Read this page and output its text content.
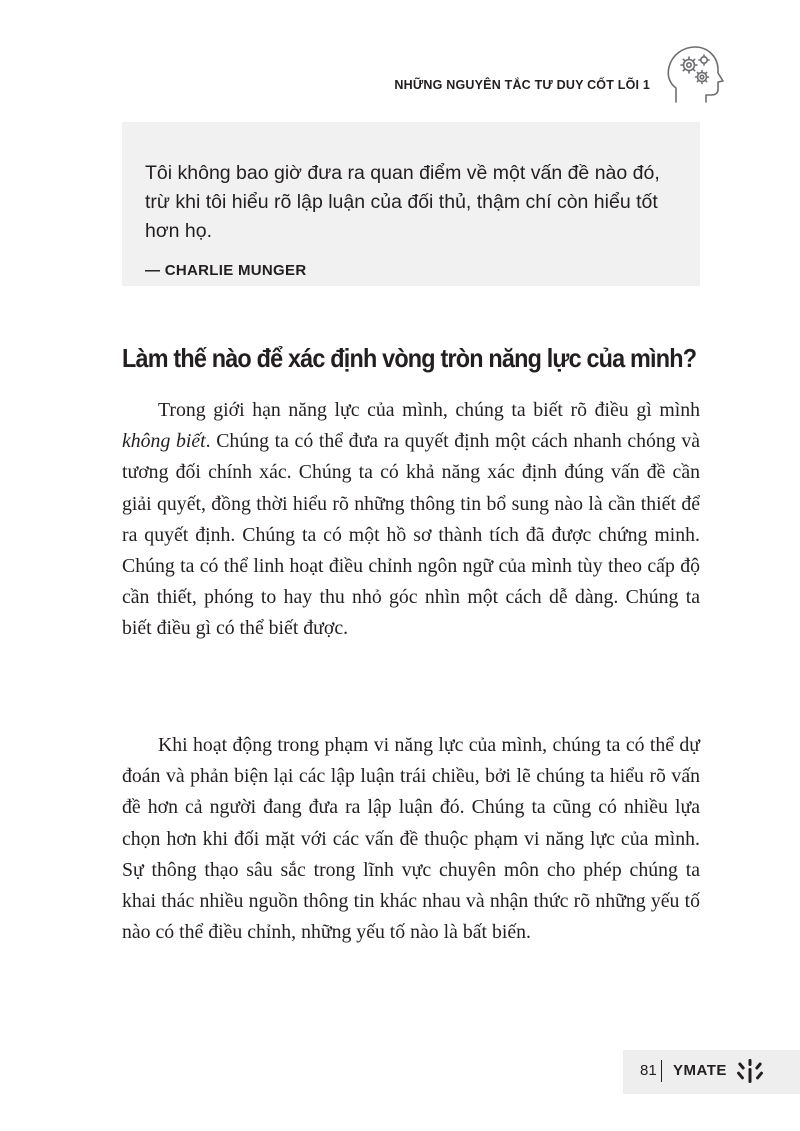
NHỮNG NGUYÊN TẮC TƯ DUY CỐT LÕI 1

Tôi không bao giờ đưa ra quan điểm về một vấn đề nào đó, trừ khi tôi hiểu rõ lập luận của đối thủ, thậm chí còn hiểu tốt hơn họ.

— CHARLIE MUNGER
Làm thế nào để xác định vòng tròn năng lực của mình?

Trong giới hạn năng lực của mình, chúng ta biết rõ điều gì mình không biết. Chúng ta có thể đưa ra quyết định một cách nhanh chóng và tương đối chính xác. Chúng ta có khả năng xác định đúng vấn đề cần giải quyết, đồng thời hiểu rõ những thông tin bổ sung nào là cần thiết để ra quyết định. Chúng ta có một hồ sơ thành tích đã được chứng minh. Chúng ta có thể linh hoạt điều chỉnh ngôn ngữ của mình tùy theo cấp độ cần thiết, phóng to hay thu nhỏ góc nhìn một cách dễ dàng. Chúng ta biết điều gì có thể biết được.

Khi hoạt động trong phạm vi năng lực của mình, chúng ta có thể dự đoán và phản biện lại các lập luận trái chiều, bởi lẽ chúng ta hiểu rõ vấn đề hơn cả người đang đưa ra lập luận đó. Chúng ta cũng có nhiều lựa chọn hơn khi đối mặt với các vấn đề thuộc phạm vi năng lực của mình. Sự thông thạo sâu sắc trong lĩnh vực chuyên môn cho phép chúng ta khai thác nhiều nguồn thông tin khác nhau và nhận thức rõ những yếu tố nào có thể điều chỉnh, những yếu tố nào là bất biến.

81 YMATE
